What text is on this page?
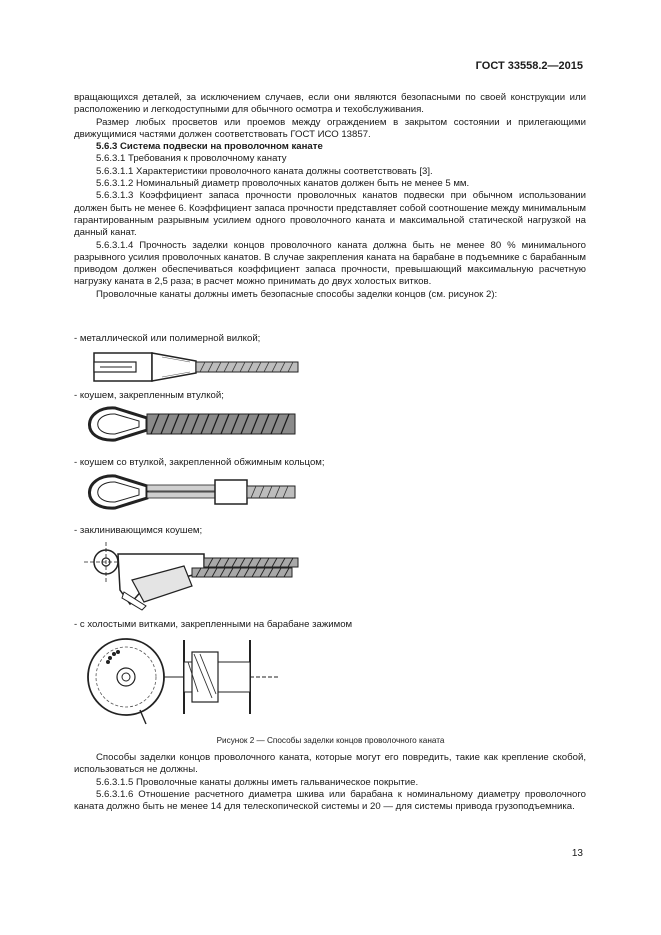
ГОСТ 33558.2—2015

вращающихся деталей, за исключением случаев, если они являются безопасными по своей конструкции или расположению и легкодоступными для обычного осмотра и техобслуживания.

Размер любых просветов или проемов между ограждением в закрытом состоянии и прилегающими движущимися частями должен соответствовать ГОСТ ИСО 13857.

5.6.3 Система подвески на проволочном канате

5.6.3.1 Требования к проволочному канату

5.6.3.1.1 Характеристики проволочного каната должны соответствовать [3].

5.6.3.1.2 Номинальный диаметр проволочных канатов должен быть не менее 5 мм.

5.6.3.1.3 Коэффициент запаса прочности проволочных канатов подвески при обычном использовании должен быть не менее 6. Коэффициент запаса прочности представляет собой соотношение между минимальным гарантированным разрывным усилием одного проволочного каната и максимальной статической нагрузкой на данный канат.

5.6.3.1.4 Прочность заделки концов проволочного каната должна быть не менее 80 % минимального разрывного усилия проволочных канатов. В случае закрепления каната на барабане в подъемнике с барабанным приводом должен обеспечиваться коэффициент запаса прочности, превышающий максимальную расчетную нагрузку каната в 2,5 раза; в расчет можно принимать до двух холостых витков.

Проволочные канаты должны иметь безопасные способы заделки концов (см. рисунок 2):

- металлической или полимерной вилкой;
- коушем, закрепленным втулкой;
- коушем со втулкой, закрепленной обжимным кольцом;
- заклинивающимся коушем;
- с холостыми витками, закрепленными на барабане зажимом
Рисунок 2 — Способы заделки концов проволочного каната

Способы заделки концов проволочного каната, которые могут его повредить, такие как крепление скобой, использоваться не должны.

5.6.3.1.5 Проволочные канаты должны иметь гальваническое покрытие.

5.6.3.1.6 Отношение расчетного диаметра шкива или барабана к номинальному диаметру проволочного каната должно быть не менее 14 для телескопической системы и 20 — для системы привода грузоподъемника.

13
